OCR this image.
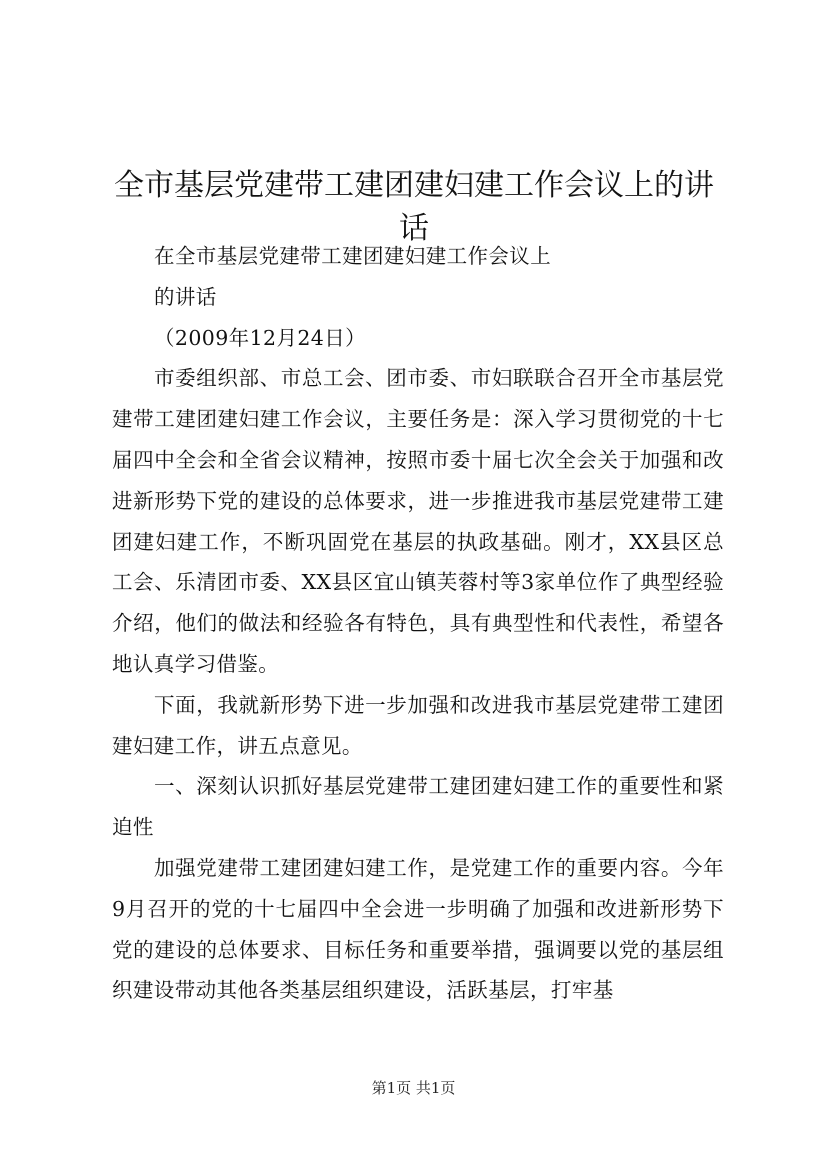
全市基层党建带工建团建妇建工作会议上的讲话

在全市基层党建带工建团建妇建工作会议上

的讲话

（2009年12月24日）

市委组织部、市总工会、团市委、市妇联联合召开全市基层党建带工建团建妇建工作会议，主要任务是：深入学习贯彻党的十七届四中全会和全省会议精神，按照市委十届七次全会关于加强和改进新形势下党的建设的总体要求，进一步推进我市基层党建带工建团建妇建工作，不断巩固党在基层的执政基础。刚才，XX县区总工会、乐清团市委、XX县区宜山镇芙蓉村等3家单位作了典型经验介绍，他们的做法和经验各有特色，具有典型性和代表性，希望各地认真学习借鉴。

下面，我就新形势下进一步加强和改进我市基层党建带工建团建妇建工作，讲五点意见。

一、深刻认识抓好基层党建带工建团建妇建工作的重要性和紧迫性

加强党建带工建团建妇建工作，是党建工作的重要内容。今年9月召开的党的十七届四中全会进一步明确了加强和改进新形势下党的建设的总体要求、目标任务和重要举措，强调要以党的基层组织建设带动其他各类基层组织建设，活跃基层，打牢基

第1页 共1页
